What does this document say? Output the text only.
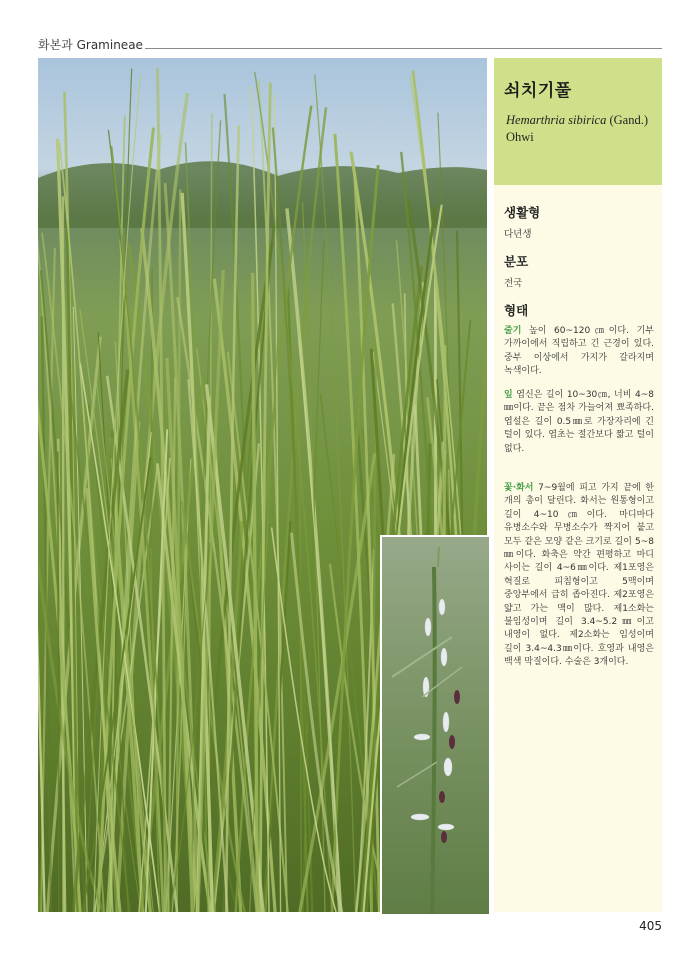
화본과 Gramineae
쇠치기풀
Hemarthria sibirica (Gand.) Ohwi
생활형
다년생
분포
전국
형태
줄기 높이 60~120㎝이다. 기부 가까이에서 직립하고 긴 근경이 있다. 중부 이상에서 가지가 갈라지며 녹색이다.
잎 엽신은 길이 10~30㎝, 너비 4~8㎜이다. 끝은 점차 가늘어져 뾰족하다. 엽설은 길이 0.5㎜로 가장자리에 긴 털이 있다. 엽초는 절간보다 짧고 털이 없다.
꽃·화서 7~9월에 피고 가지 끝에 한 개의 총이 달린다. 화서는 원통형이고 길이 4~10㎝이다. 마디마다 유병소수와 무병소수가 짝지어 붙고 모두 같은 모양 같은 크기로 길이 5~8㎜이다. 화축은 약간 편평하고 마디 사이는 길이 4~6㎜이다. 제1포영은 혁질로 피침형이고 5맥이며 중앙부에서 급히 좁아진다. 제2포영은 얇고 가는 맥이 많다. 제1소화는 불임성이며 길이 3.4~5.2㎜이고 내영이 없다. 제2소화는 임성이며 길이 3.4~4.3㎜이다. 호영과 내영은 백색 막질이다. 수술은 3개이다.
405
